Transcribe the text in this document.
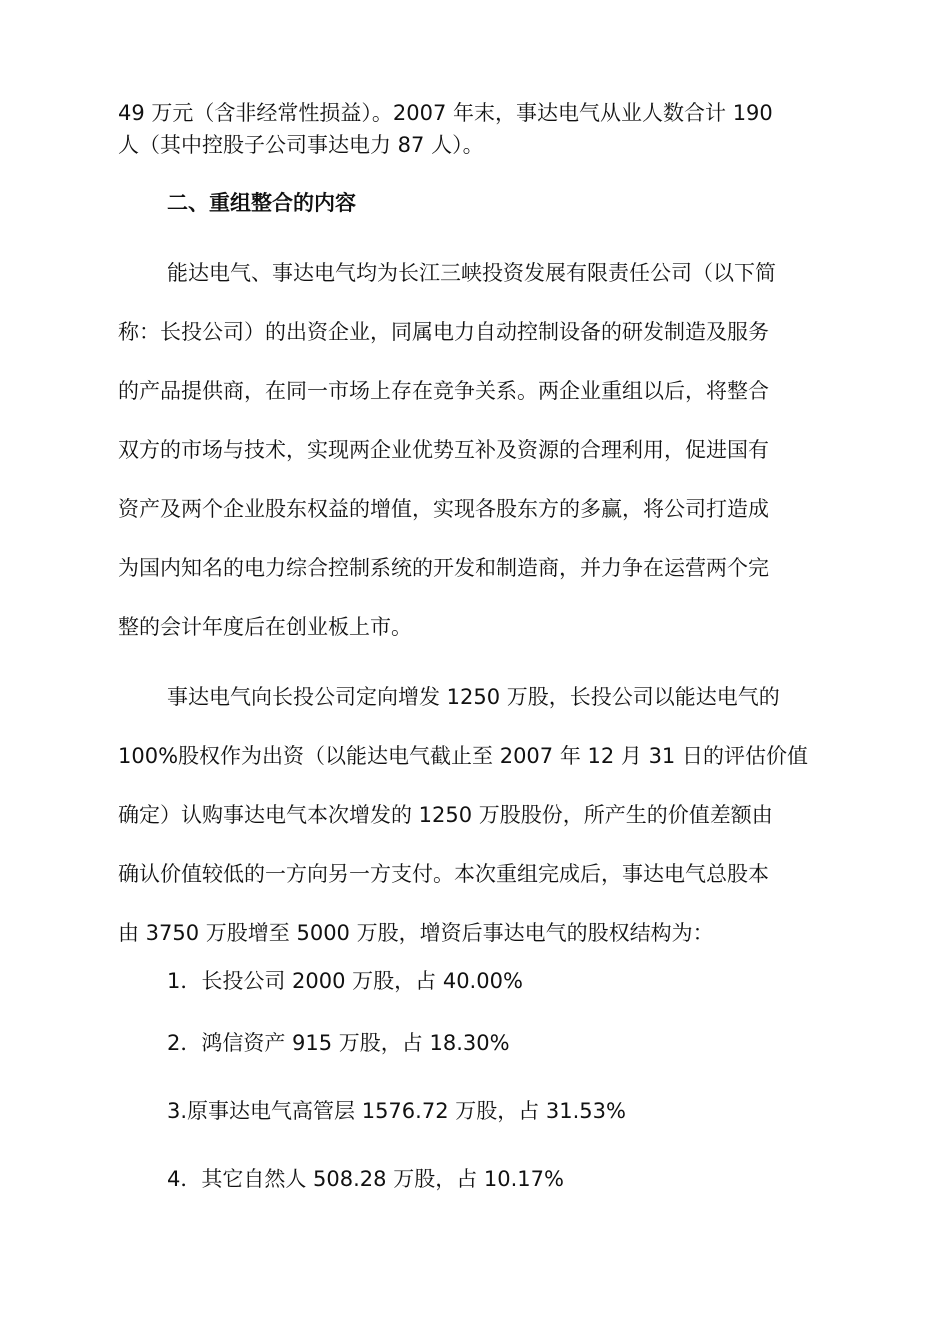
49 万元（含非经常性损益）。2007 年末，事达电气从业人数合计 190
人（其中控股子公司事达电力 87 人）。
二、重组整合的内容
能达电气、事达电气均为长江三峡投资发展有限责任公司（以下简
称：长投公司）的出资企业，同属电力自动控制设备的研发制造及服务
的产品提供商，在同一市场上存在竞争关系。两企业重组以后，将整合
双方的市场与技术，实现两企业优势互补及资源的合理利用，促进国有
资产及两个企业股东权益的增值，实现各股东方的多赢，将公司打造成
为国内知名的电力综合控制系统的开发和制造商，并力争在运营两个完
整的会计年度后在创业板上市。
事达电气向长投公司定向增发 1250 万股，长投公司以能达电气的
100%股权作为出资（以能达电气截止至 2007 年 12 月 31 日的评估价值
确定）认购事达电气本次增发的 1250 万股股份，所产生的价值差额由
确认价值较低的一方向另一方支付。本次重组完成后，事达电气总股本
由 3750 万股增至 5000 万股，增资后事达电气的股权结构为：
1．长投公司 2000 万股，占 40.00%
2．鸿信资产 915 万股，占 18.30%
3.原事达电气高管层 1576.72 万股，占 31.53%
4．其它自然人 508.28 万股，占 10.17%
